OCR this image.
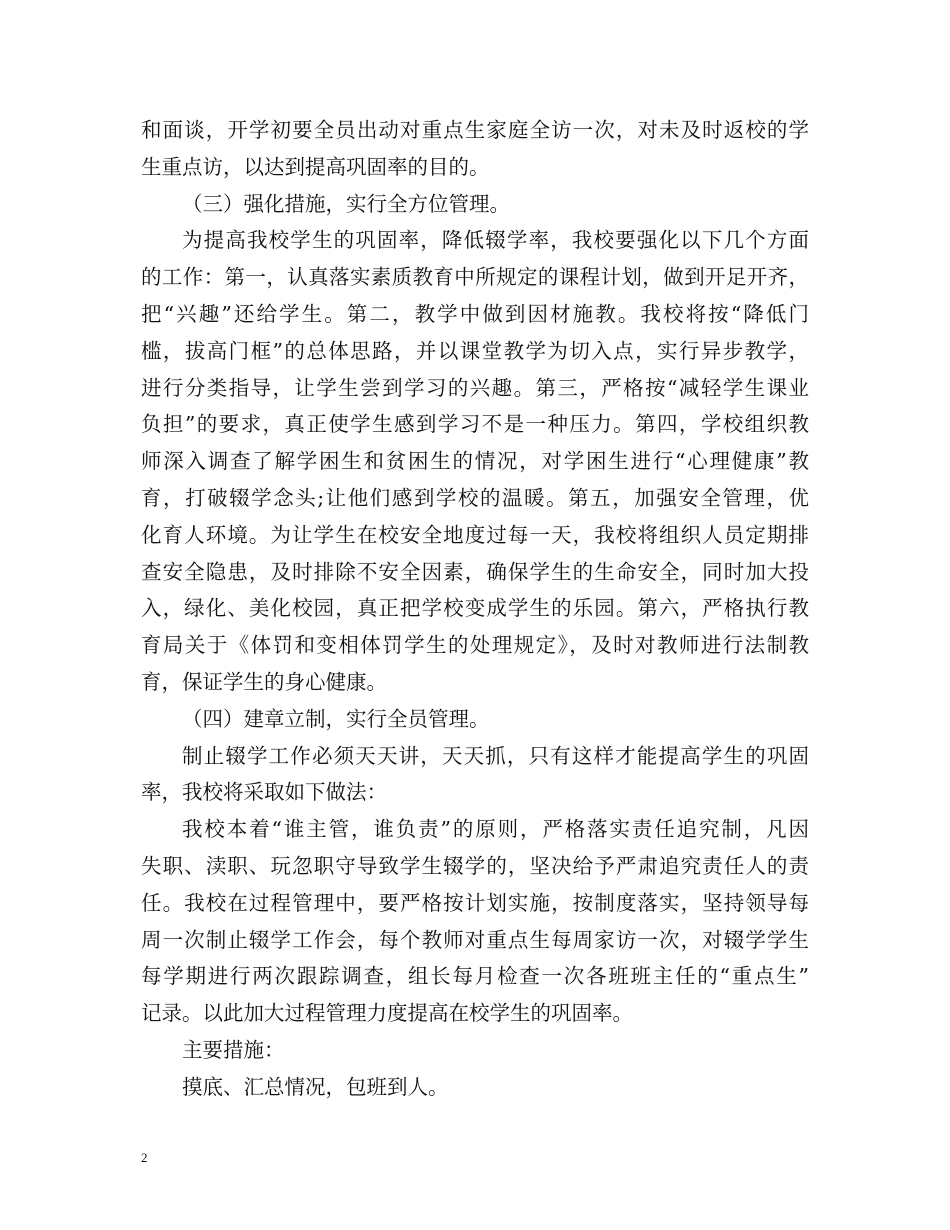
和面谈，开学初要全员出动对重点生家庭全访一次，对未及时返校的学
生重点访，以达到提高巩固率的目的。
（三）强化措施，实行全方位管理。
为提高我校学生的巩固率，降低辍学率，我校要强化以下几个方面
的工作：第一，认真落实素质教育中所规定的课程计划，做到开足开齐，
把“兴趣”还给学生。第二，教学中做到因材施教。我校将按“降低门
槛，拔高门框”的总体思路，并以课堂教学为切入点，实行异步教学，
进行分类指导，让学生尝到学习的兴趣。第三，严格按“减轻学生课业
负担”的要求，真正使学生感到学习不是一种压力。第四，学校组织教
师深入调查了解学困生和贫困生的情况，对学困生进行“心理健康”教
育，打破辍学念头;让他们感到学校的温暖。第五，加强安全管理，优
化育人环境。为让学生在校安全地度过每一天，我校将组织人员定期排
查安全隐患，及时排除不安全因素，确保学生的生命安全，同时加大投
入，绿化、美化校园，真正把学校变成学生的乐园。第六，严格执行教
育局关于《体罚和变相体罚学生的处理规定》，及时对教师进行法制教
育，保证学生的身心健康。
（四）建章立制，实行全员管理。
制止辍学工作必须天天讲，天天抓，只有这样才能提高学生的巩固
率，我校将采取如下做法：
我校本着“谁主管，谁负责”的原则，严格落实责任追究制，凡因
失职、渎职、玩忽职守导致学生辍学的，坚决给予严肃追究责任人的责
任。我校在过程管理中，要严格按计划实施，按制度落实，坚持领导每
周一次制止辍学工作会，每个教师对重点生每周家访一次，对辍学学生
每学期进行两次跟踪调查，组长每月检查一次各班班主任的“重点生”
记录。以此加大过程管理力度提高在校学生的巩固率。
主要措施：
摸底、汇总情况，包班到人。
2
